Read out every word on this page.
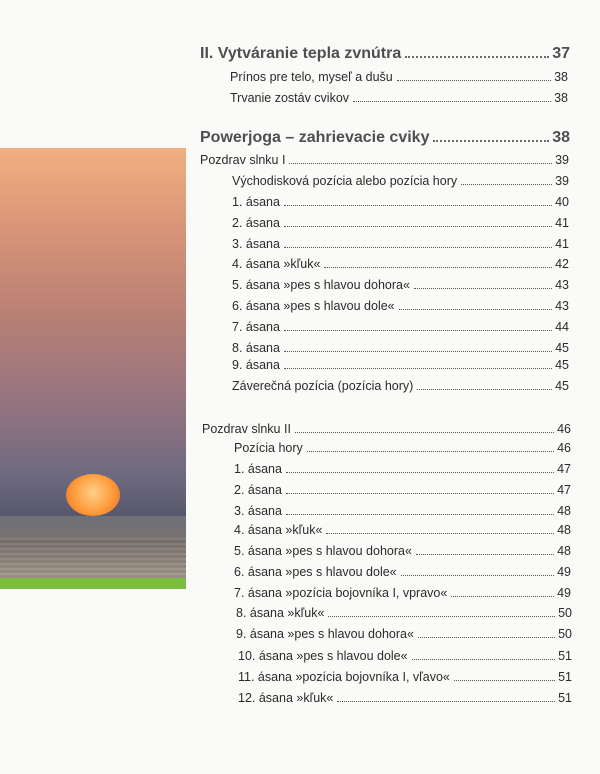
II. Vytváranie tepla zvnútra	37
Prínos pre telo, myseľ a dušu	38
Trvanie zostáv cvikov	38
Powerjoga – zahrievacie cviky	38
Pozdrav slnku I	39
Východisková pozícia alebo pozícia hory	39
1. ásana	40
2. ásana	41
3. ásana	41
4. ásana »kľuk«	42
5. ásana »pes s hlavou dohora«	43
6. ásana »pes s hlavou dole«	43
7. ásana	44
8. ásana	45
9. ásana	45
Záverečná pozícia (pozícia hory)	45
Pozdrav slnku II	46
Pozícia hory	46
1. ásana	47
2. ásana	47
3. ásana	48
4. ásana »kľuk«	48
5. ásana »pes s hlavou dohora«	48
6. ásana »pes s hlavou dole«	49
7. ásana »pozícia bojovníka I, vpravo«	49
8. ásana »kľuk«	50
9. ásana »pes s hlavou dohora«	50
10. ásana »pes s hlavou dole«	51
11. ásana »pozícia bojovníka I, vľavo«	51
12. ásana »kľuk«	51
